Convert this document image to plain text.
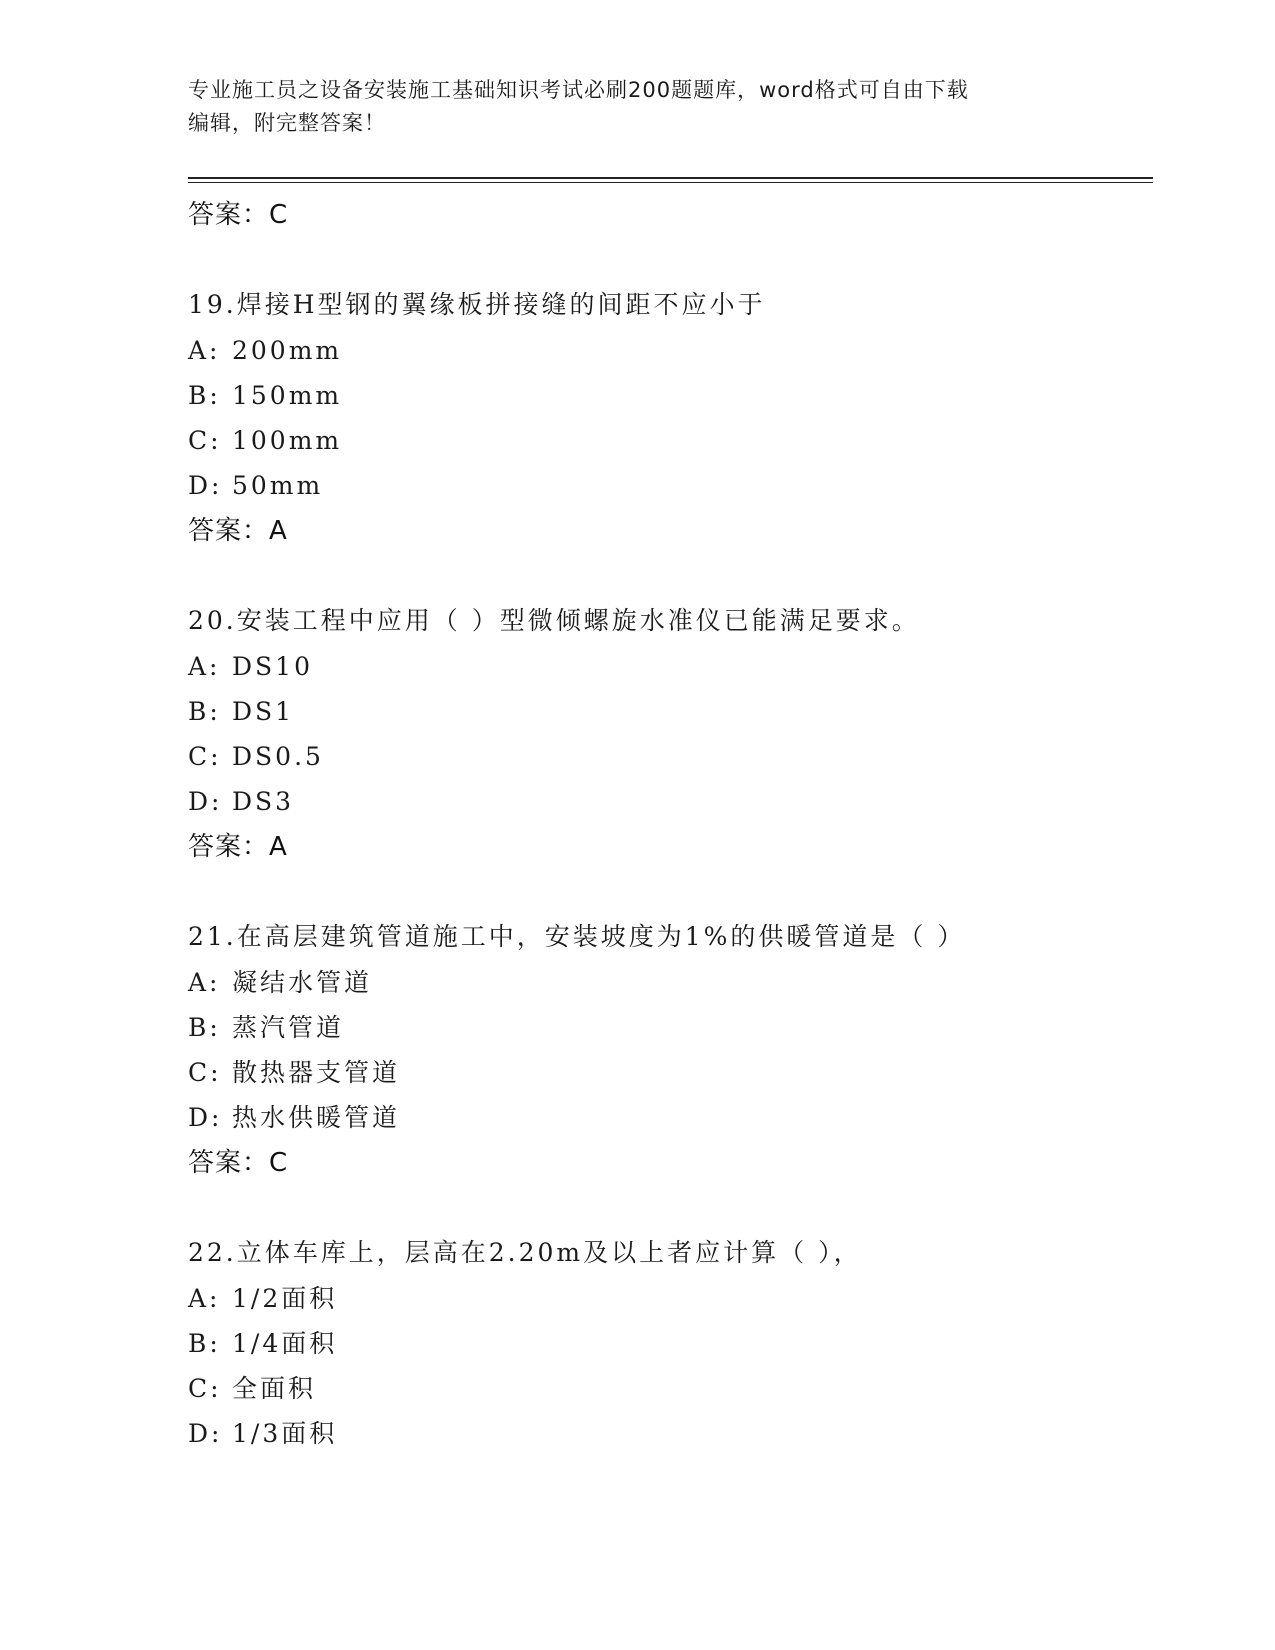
专业施工员之设备安装施工基础知识考试必刷200题题库，word格式可自由下载
编辑，附完整答案！
答案：C
19.焊接H型钢的翼缘板拼接缝的间距不应小于
A: 200mm
B: 150mm
C: 100mm
D: 50mm
答案：A
20.安装工程中应用（ ）型微倾螺旋水准仪已能满足要求。
A: DS10
B: DS1
C: DS0.5
D: DS3
答案：A
21.在高层建筑管道施工中，安装坡度为1%的供暖管道是（ ）
A: 凝结水管道
B: 蒸汽管道
C: 散热器支管道
D: 热水供暖管道
答案：C
22.立体车库上，层高在2.20m及以上者应计算（ ），
A: 1/2面积
B: 1/4面积
C: 全面积
D: 1/3面积
